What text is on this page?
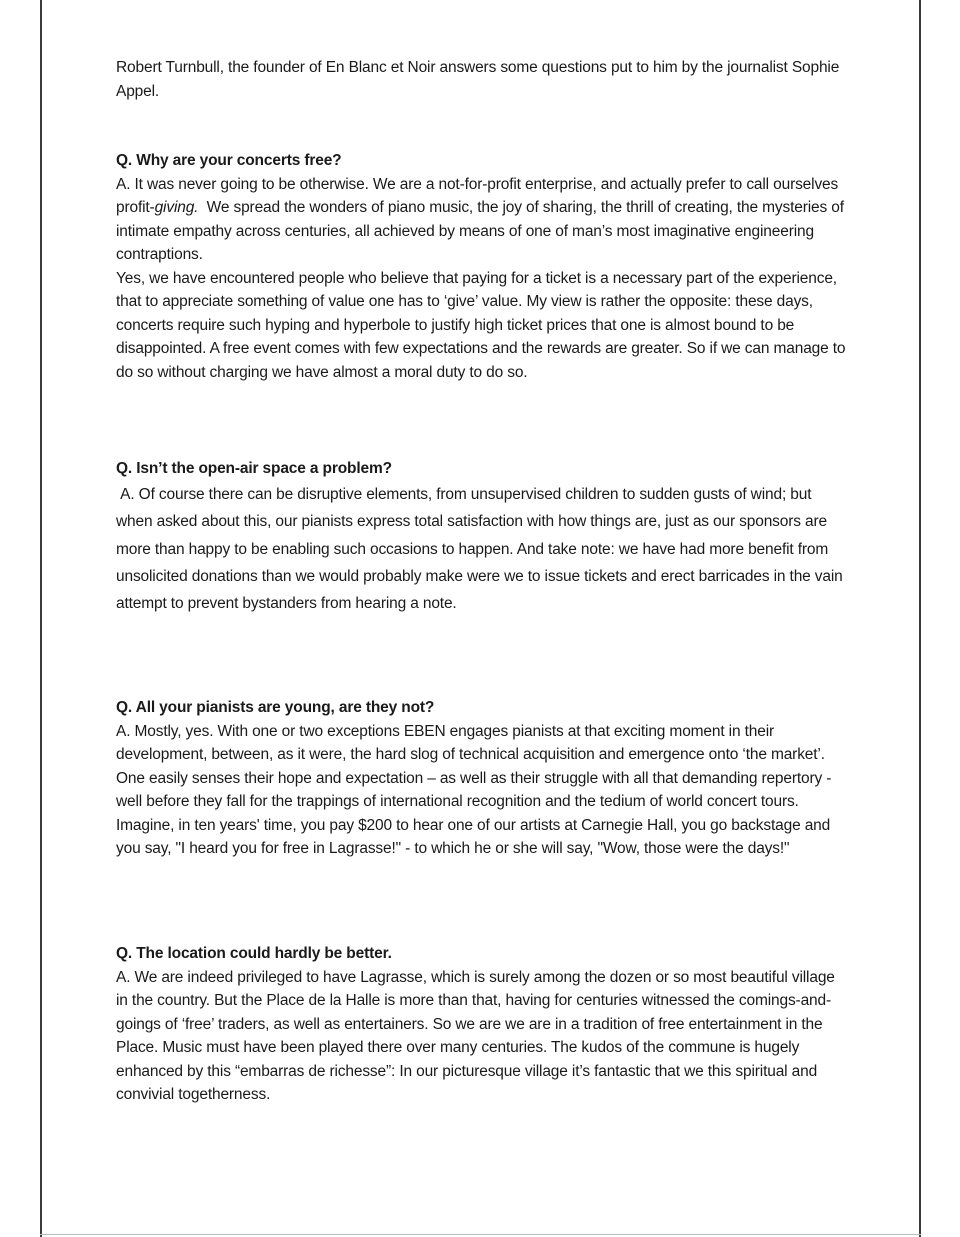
Robert Turnbull, the founder of En Blanc et Noir answers some questions put to him by the journalist Sophie Appel.

Q. Why are your concerts free?

A. It was never going to be otherwise. We are a not-for-profit enterprise, and actually prefer to call ourselves profit-giving.  We spread the wonders of piano music, the joy of sharing, the thrill of creating, the mysteries of intimate empathy across centuries, all achieved by means of one of man’s most imaginative engineering contraptions.

Yes, we have encountered people who believe that paying for a ticket is a necessary part of the experience, that to appreciate something of value one has to ‘give’ value. My view is rather the opposite: these days, concerts require such hyping and hyperbole to justify high ticket prices that one is almost bound to be disappointed. A free event comes with few expectations and the rewards are greater. So if we can manage to do so without charging we have almost a moral duty to do so.

Q. Isn’t the open-air space a problem?

A. Of course there can be disruptive elements, from unsupervised children to sudden gusts of wind; but when asked about this, our pianists express total satisfaction with how things are, just as our sponsors are more than happy to be enabling such occasions to happen. And take note: we have had more benefit from unsolicited donations than we would probably make were we to issue tickets and erect barricades in the vain attempt to prevent bystanders from hearing a note.

Q. All your pianists are young, are they not?

A. Mostly, yes. With one or two exceptions EBEN engages pianists at that exciting moment in their development, between, as it were, the hard slog of technical acquisition and emergence onto ‘the market’. One easily senses their hope and expectation – as well as their struggle with all that demanding repertory - well before they fall for the trappings of international recognition and the tedium of world concert tours. Imagine, in ten years' time, you pay $200 to hear one of our artists at Carnegie Hall, you go backstage and you say, "I heard you for free in Lagrasse!" - to which he or she will say, "Wow, those were the days!"

Q. The location could hardly be better.

A. We are indeed privileged to have Lagrasse, which is surely among the dozen or so most beautiful village in the country. But the Place de la Halle is more than that, having for centuries witnessed the comings-and-goings of ‘free’ traders, as well as entertainers. So we are we are in a tradition of free entertainment in the Place. Music must have been played there over many centuries. The kudos of the commune is hugely enhanced by this “embarras de richesse”: In our picturesque village it’s fantastic that we this spiritual and convivial togetherness.
